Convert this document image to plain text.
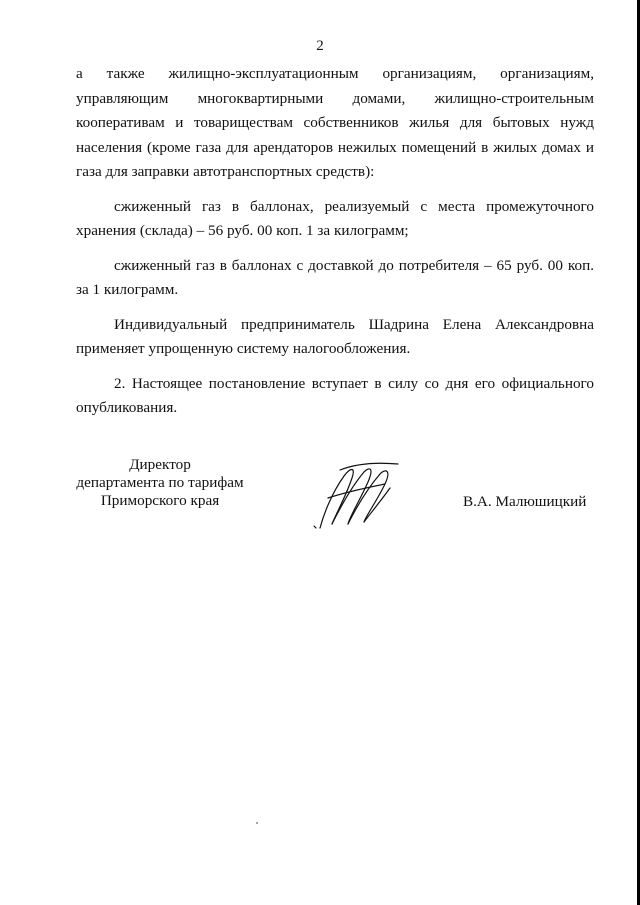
2

а также жилищно-эксплуатационным организациям, организациям, управляющим многоквартирными домами, жилищно-строительным кооперативам и товариществам собственников жилья для бытовых нужд населения (кроме газа для арендаторов нежилых помещений в жилых домах и газа для заправки автотранспортных средств):

сжиженный газ в баллонах, реализуемый с места промежуточного хранения (склада) – 56 руб. 00 коп. 1 за килограмм;

сжиженный газ в баллонах с доставкой до потребителя – 65 руб. 00 коп. за 1 килограмм.

Индивидуальный предприниматель Шадрина Елена Александровна применяет упрощенную систему налогообложения.

2. Настоящее постановление вступает в силу со дня его официального опубликования.

Директор
департамента по тарифам
Приморского края	В.А. Малюшицкий
